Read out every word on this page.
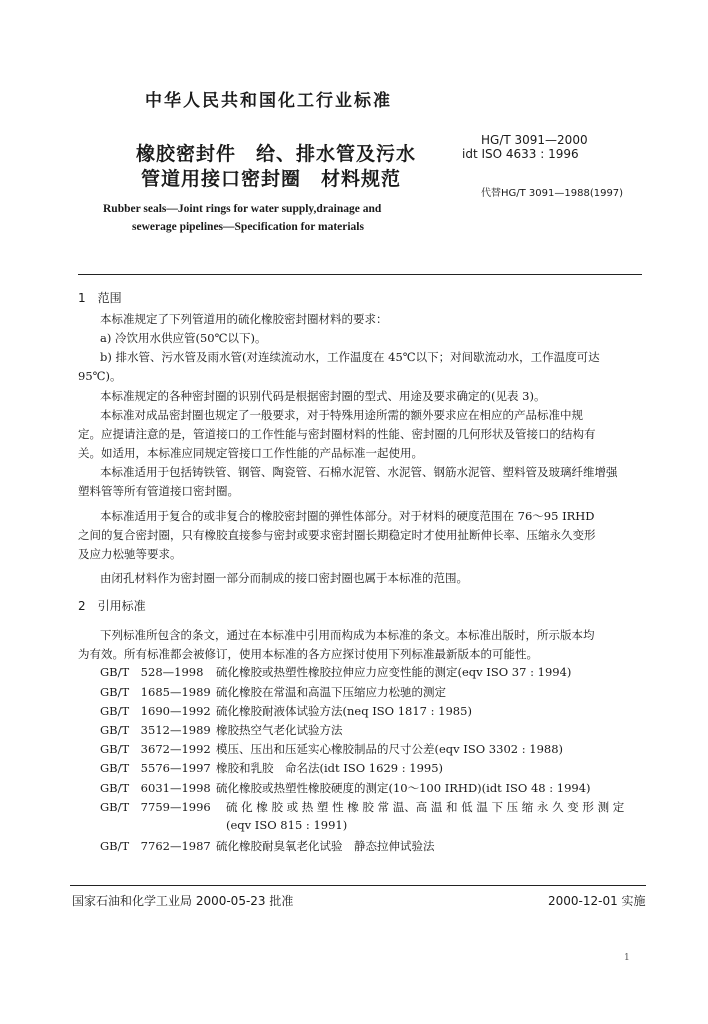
中华人民共和国化工行业标准
橡胶密封件　给、排水管及污水
管道用接口密封圈　材料规范
HG/T 3091—2000
idt ISO 4633 : 1996
代替HG/T 3091—1988(1997)
Rubber seals—Joint rings for water supply,drainage and
sewerage pipelines—Specification for materials
1　范围
本标准规定了下列管道用的硫化橡胶密封圈材料的要求：
a) 冷饮用水供应管(50℃以下)。
b) 排水管、污水管及雨水管(对连续流动水，工作温度在 45℃以下；对间歇流动水，工作温度可达
95℃)。
本标准规定的各种密封圈的识别代码是根据密封圈的型式、用途及要求确定的(见表 3)。
本标准对成品密封圈也规定了一般要求，对于特殊用途所需的额外要求应在相应的产品标准中规
定。应提请注意的是，管道接口的工作性能与密封圈材料的性能、密封圈的几何形状及管接口的结构有
关。如适用，本标准应同规定管接口工作性能的产品标准一起使用。
本标准适用于包括铸铁管、钢管、陶瓷管、石棉水泥管、水泥管、钢筋水泥管、塑料管及玻璃纤维增强
塑料管等所有管道接口密封圈。
本标准适用于复合的或非复合的橡胶密封圈的弹性体部分。对于材料的硬度范围在 76～95 IRHD
之间的复合密封圈，只有橡胶直接参与密封或要求密封圈长期稳定时才使用扯断伸长率、压缩永久变形
及应力松驰等要求。
由闭孔材料作为密封圈一部分而制成的接口密封圈也属于本标准的范围。
2　引用标准
下列标准所包含的条文，通过在本标准中引用而构成为本标准的条文。本标准出版时，所示版本均
为有效。所有标准都会被修订，使用本标准的各方应探讨使用下列标准最新版本的可能性。
GB/T　528—1998 硫化橡胶或热塑性橡胶拉伸应力应变性能的测定(eqv ISO 37 : 1994)
GB/T　1685—1989 硫化橡胶在常温和高温下压缩应力松驰的测定
GB/T　1690—1992 硫化橡胶耐液体试验方法(neq ISO 1817 : 1985)
GB/T　3512—1989 橡胶热空气老化试验方法
GB/T　3672—1992 模压、压出和压延实心橡胶制品的尺寸公差(eqv ISO 3302 : 1988)
GB/T　5576—1997 橡胶和乳胶　命名法(idt ISO 1629 : 1995)
GB/T　6031—1998 硫化橡胶或热塑性橡胶硬度的测定(10～100 IRHD)(idt ISO 48 : 1994)
GB/T　7759—1996 硫 化 橡 胶 或 热 塑 性 橡 胶 常 温、高 温 和 低 温 下 压 缩 永 久 变 形 测 定
(eqv ISO 815 : 1991)
GB/T　7762—1987 硫化橡胶耐臭氧老化试验　静态拉伸试验法
国家石油和化学工业局 2000-05-23 批准	2000-12-01 实施
1
